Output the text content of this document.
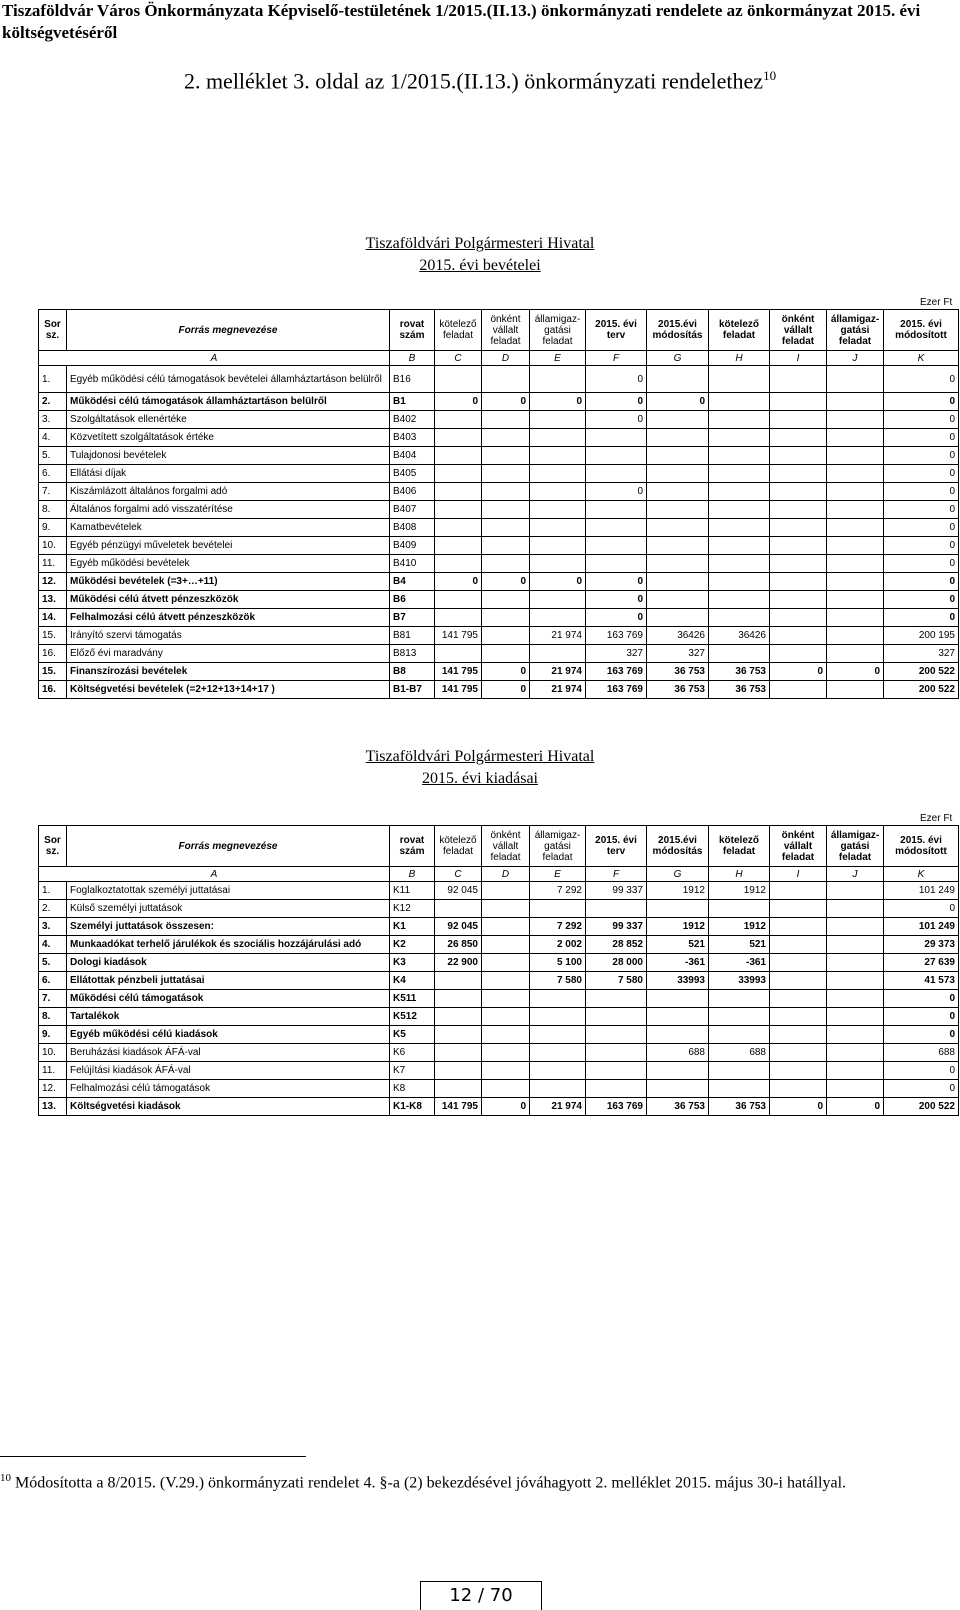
Tiszaföldvár Város Önkormányzata Képviselő-testületének 1/2015.(II.13.) önkormányzati rendelete az önkormányzat 2015. évi költségvetéséről
2. melléklet 3. oldal az 1/2015.(II.13.) önkormányzati rendelethez$^{10}$
Tiszaföldvári Polgármesteri Hivatal
2015. évi bevételei
Ezer Ft
Sor sz.	Forrás megnevezése	rovat szám	kötelező feladat	önként vállalt feladat	államigaz-gatási feladat	2015. évi terv	2015.évi módosítás	kötelező feladat	önként vállalt feladat	államigaz-gatási feladat	2015. évi módosított
A		B	C	D	E	F	G	H	I	J	K
1.	Egyéb működési célú támogatások bevételei államháztartáson belülről	B16				0					0
2.	Működési célú támogatások államháztartáson belülről	B1	0	0	0	0	0				0
3.	Szolgáltatások ellenértéke	B402				0					0
4.	Közvetített szolgáltatások értéke	B403									0
5.	Tulajdonosi bevételek	B404									0
6.	Ellátási díjak	B405									0
7.	Kiszámlázott általános forgalmi adó	B406				0					0
8.	Általános forgalmi adó visszatérítése	B407									0
9.	Kamatbevételek	B408									0
10.	Egyéb pénzügyi műveletek bevételei	B409									0
11.	Egyéb működési bevételek	B410									0
12.	Működési bevételek (=3+…+11)	B4	0	0	0	0					0
13.	Működési célú átvett pénzeszközök	B6				0					0
14.	Felhalmozási célú átvett pénzeszközök	B7				0					0
15.	Irányító szervi támogatás	B81	141 795		21 974	163 769	36426	36426			200 195
16.	Előző évi maradvány	B813				327	327				327
15.	Finanszírozási bevételek	B8	141 795	0	21 974	163 769	36 753	36 753	0	0	200 522
16.	Költségvetési bevételek (=2+12+13+14+17 )	B1-B7	141 795	0	21 974	163 769	36 753	36 753			200 522
Tiszaföldvári Polgármesteri Hivatal
2015. évi kiadásai
Ezer Ft
Sor sz.	Forrás megnevezése	rovat szám	kötelező feladat	önként vállalt feladat	államigaz-gatási feladat	2015. évi terv	2015.évi módosítás	kötelező feladat	önként vállalt feladat	államigaz-gatási feladat	2015. évi módosított
A		B	C	D	E	F	G	H	I	J	K
1.	Foglalkoztatottak személyi juttatásai	K11	92 045		7 292	99 337	1912	1912			101 249
2.	Külső személyi juttatások	K12									0
3.	Személyi juttatások összesen:	K1	92 045		7 292	99 337	1912	1912			101 249
4.	Munkaadókat terhelő járulékok és szociális hozzájárulási adó	K2	26 850		2 002	28 852	521	521			29 373
5.	Dologi kiadások	K3	22 900		5 100	28 000	-361	-361			27 639
6.	Ellátottak pénzbeli juttatásai	K4			7 580	7 580	33993	33993			41 573
7.	Működési célú támogatások	K511									0
8.	Tartalékok	K512									0
9.	Egyéb működési célú kiadások	K5									0
10.	Beruházási kiadások ÁFÁ-val	K6					688	688			688
11.	Felújítási kiadások ÁFÁ-val	K7									0
12.	Felhalmozási célú támogatások	K8									0
13.	Költségvetési kiadások	K1-K8	141 795	0	21 974	163 769	36 753	36 753	0	0	200 522
$^{10}$ Módosította a 8/2015. (V.29.) önkormányzati rendelet 4. §-a (2) bekezdésével jóváhagyott 2. melléklet 2015. május 30-i hatállyal.
12 / 70
